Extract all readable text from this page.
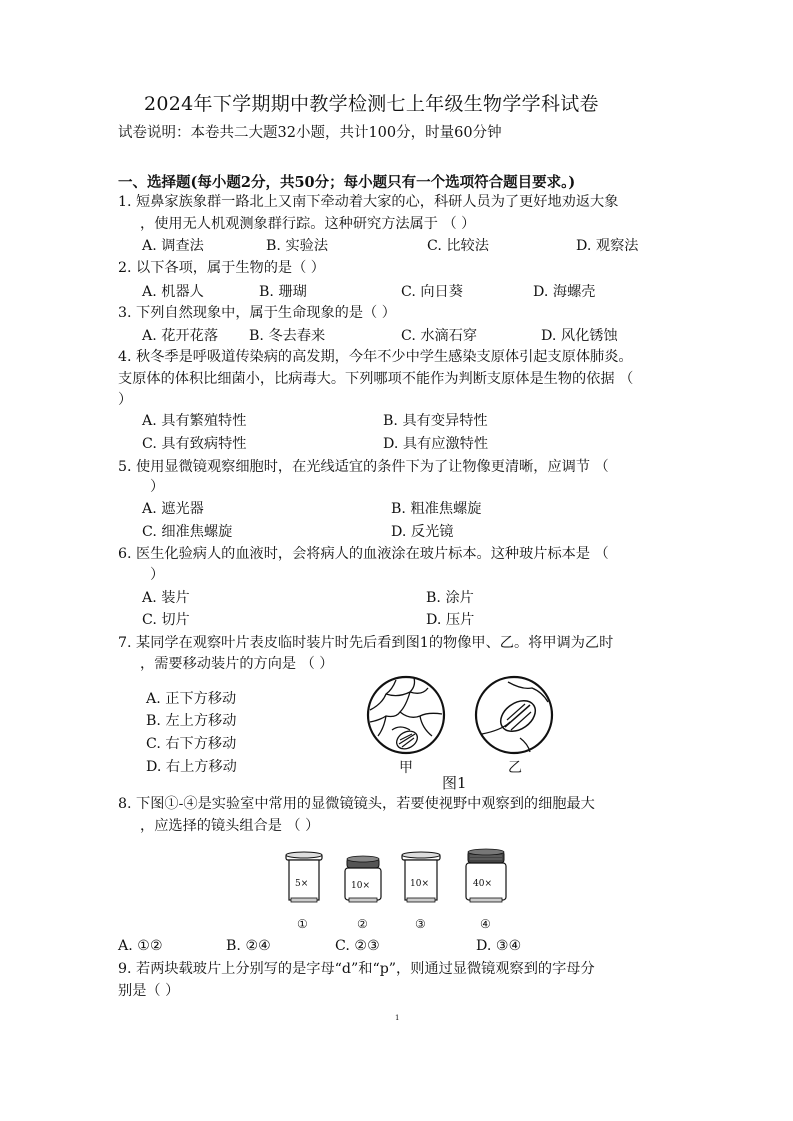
2024年下学期期中教学检测七上年级生物学学科试卷
试卷说明：本卷共二大题32小题，共计100分，时量60分钟
一、选择题(每小题2分，共50分；每小题只有一个选项符合题目要求。)
1. 短鼻家族象群一路北上又南下牵动着大家的心，科研人员为了更好地劝返大象
，使用无人机观测象群行踪。这种研究方法属于 （ ）
A. 调查法	B. 实验法	C. 比较法	D. 观察法
2. 以下各项，属于生物的是（ ）
A. 机器人	B. 珊瑚	C. 向日葵	D. 海螺壳
3. 下列自然现象中，属于生命现象的是（ ）
A. 花开花落 B. 冬去春来	C. 水滴石穿	D. 风化锈蚀
4. 秋冬季是呼吸道传染病的高发期，今年不少中学生感染支原体引起支原体肺炎。
支原体的体积比细菌小，比病毒大。下列哪项不能作为判断支原体是生物的依据 （
）
A. 具有繁殖特性	B. 具有变异特性
C. 具有致病特性	D. 具有应激特性
5. 使用显微镜观察细胞时，在光线适宜的条件下为了让物像更清晰，应调节 （
）
A. 遮光器	B. 粗准焦螺旋
C. 细准焦螺旋	D. 反光镜
6. 医生化验病人的血液时，会将病人的血液涂在玻片标本。这种玻片标本是 （
）
A. 装片	B. 涂片
C. 切片	D. 压片
7. 某同学在观察叶片表皮临时装片时先后看到图1的物像甲、乙。将甲调为乙时
，需要移动装片的方向是 （ ）
A. 正下方移动
B. 左上方移动
C. 右下方移动
D. 右上方移动	甲	乙
图1
8. 下图①-④是实验室中常用的显微镜镜头，若要使视野中观察到的细胞最大
，应选择的镜头组合是 （ ）
5×
①
10×
②
10×
③
40×
④
A. ①②	B. ②④	C. ②③	D. ③④
9. 若两块载玻片上分别写的是字母“d”和“p”，则通过显微镜观察到的字母分
别是（ ）
1
